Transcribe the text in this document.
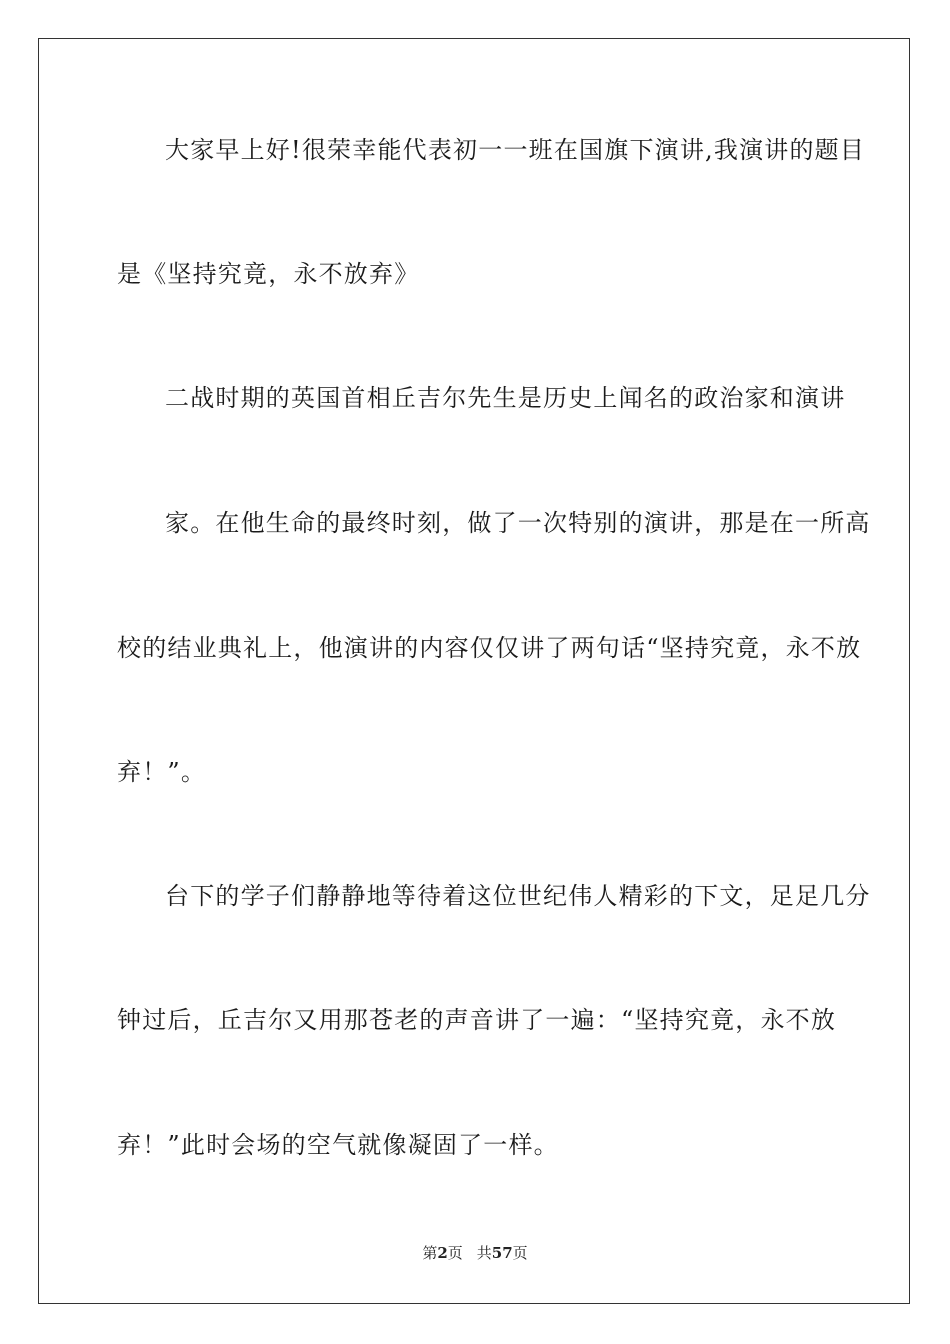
大家早上好!很荣幸能代表初一一班在国旗下演讲,我演讲的题目
是《坚持究竟，永不放弃》
二战时期的英国首相丘吉尔先生是历史上闻名的政治家和演讲
家。在他生命的最终时刻，做了一次特别的演讲，那是在一所高
校的结业典礼上，他演讲的内容仅仅讲了两句话“坚持究竟，永不放
弃！”。
台下的学子们静静地等待着这位世纪伟人精彩的下文，足足几分
钟过后，丘吉尔又用那苍老的声音讲了一遍：“坚持究竟，永不放
弃！”此时会场的空气就像凝固了一样。
第2页 共57页
